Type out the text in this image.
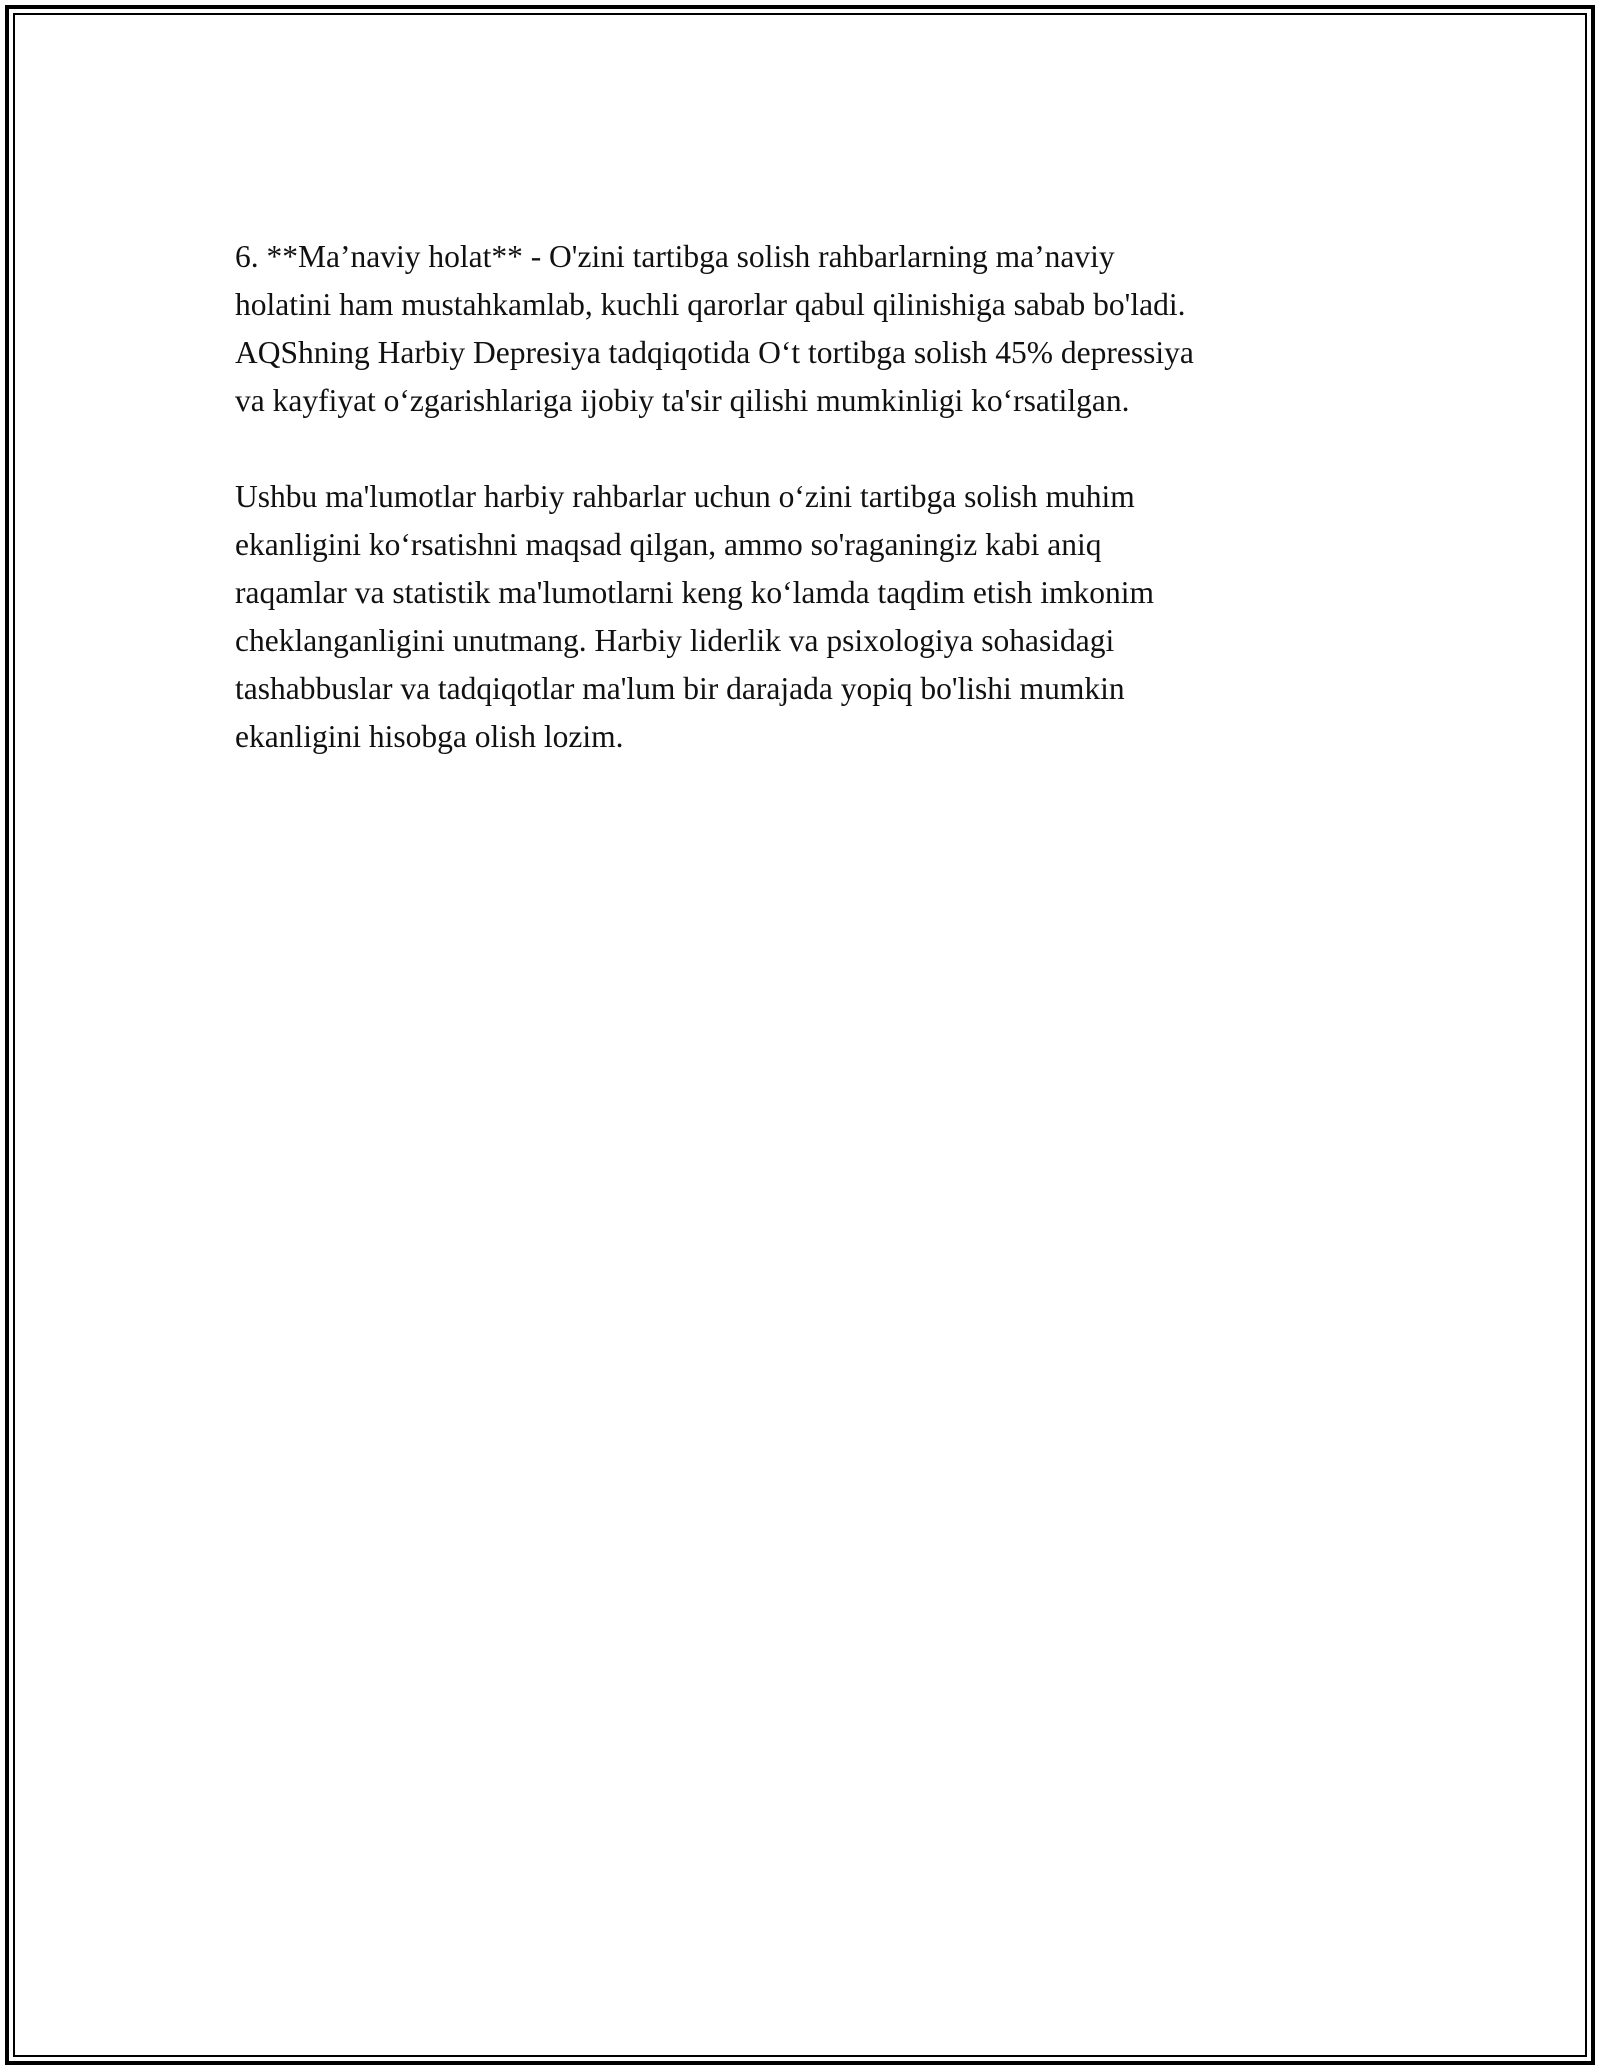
6. **Ma’naviy holat** - O'zini tartibga solish rahbarlarning ma’naviy
holatini ham mustahkamlab, kuchli qarorlar qabul qilinishiga sabab bo'ladi.
AQShning Harbiy Depresiya tadqiqotida O‘t tortibga solish 45% depressiya
va kayfiyat o‘zgarishlariga ijobiy ta'sir qilishi mumkinligi ko‘rsatilgan.

Ushbu ma'lumotlar harbiy rahbarlar uchun o‘zini tartibga solish muhim
ekanligini ko‘rsatishni maqsad qilgan, ammo so'raganingiz kabi aniq
raqamlar va statistik ma'lumotlarni keng ko‘lamda taqdim etish imkonim
cheklanganligini unutmang. Harbiy liderlik va psixologiya sohasidagi
tashabbuslar va tadqiqotlar ma'lum bir darajada yopiq bo'lishi mumkin
ekanligini hisobga olish lozim.
